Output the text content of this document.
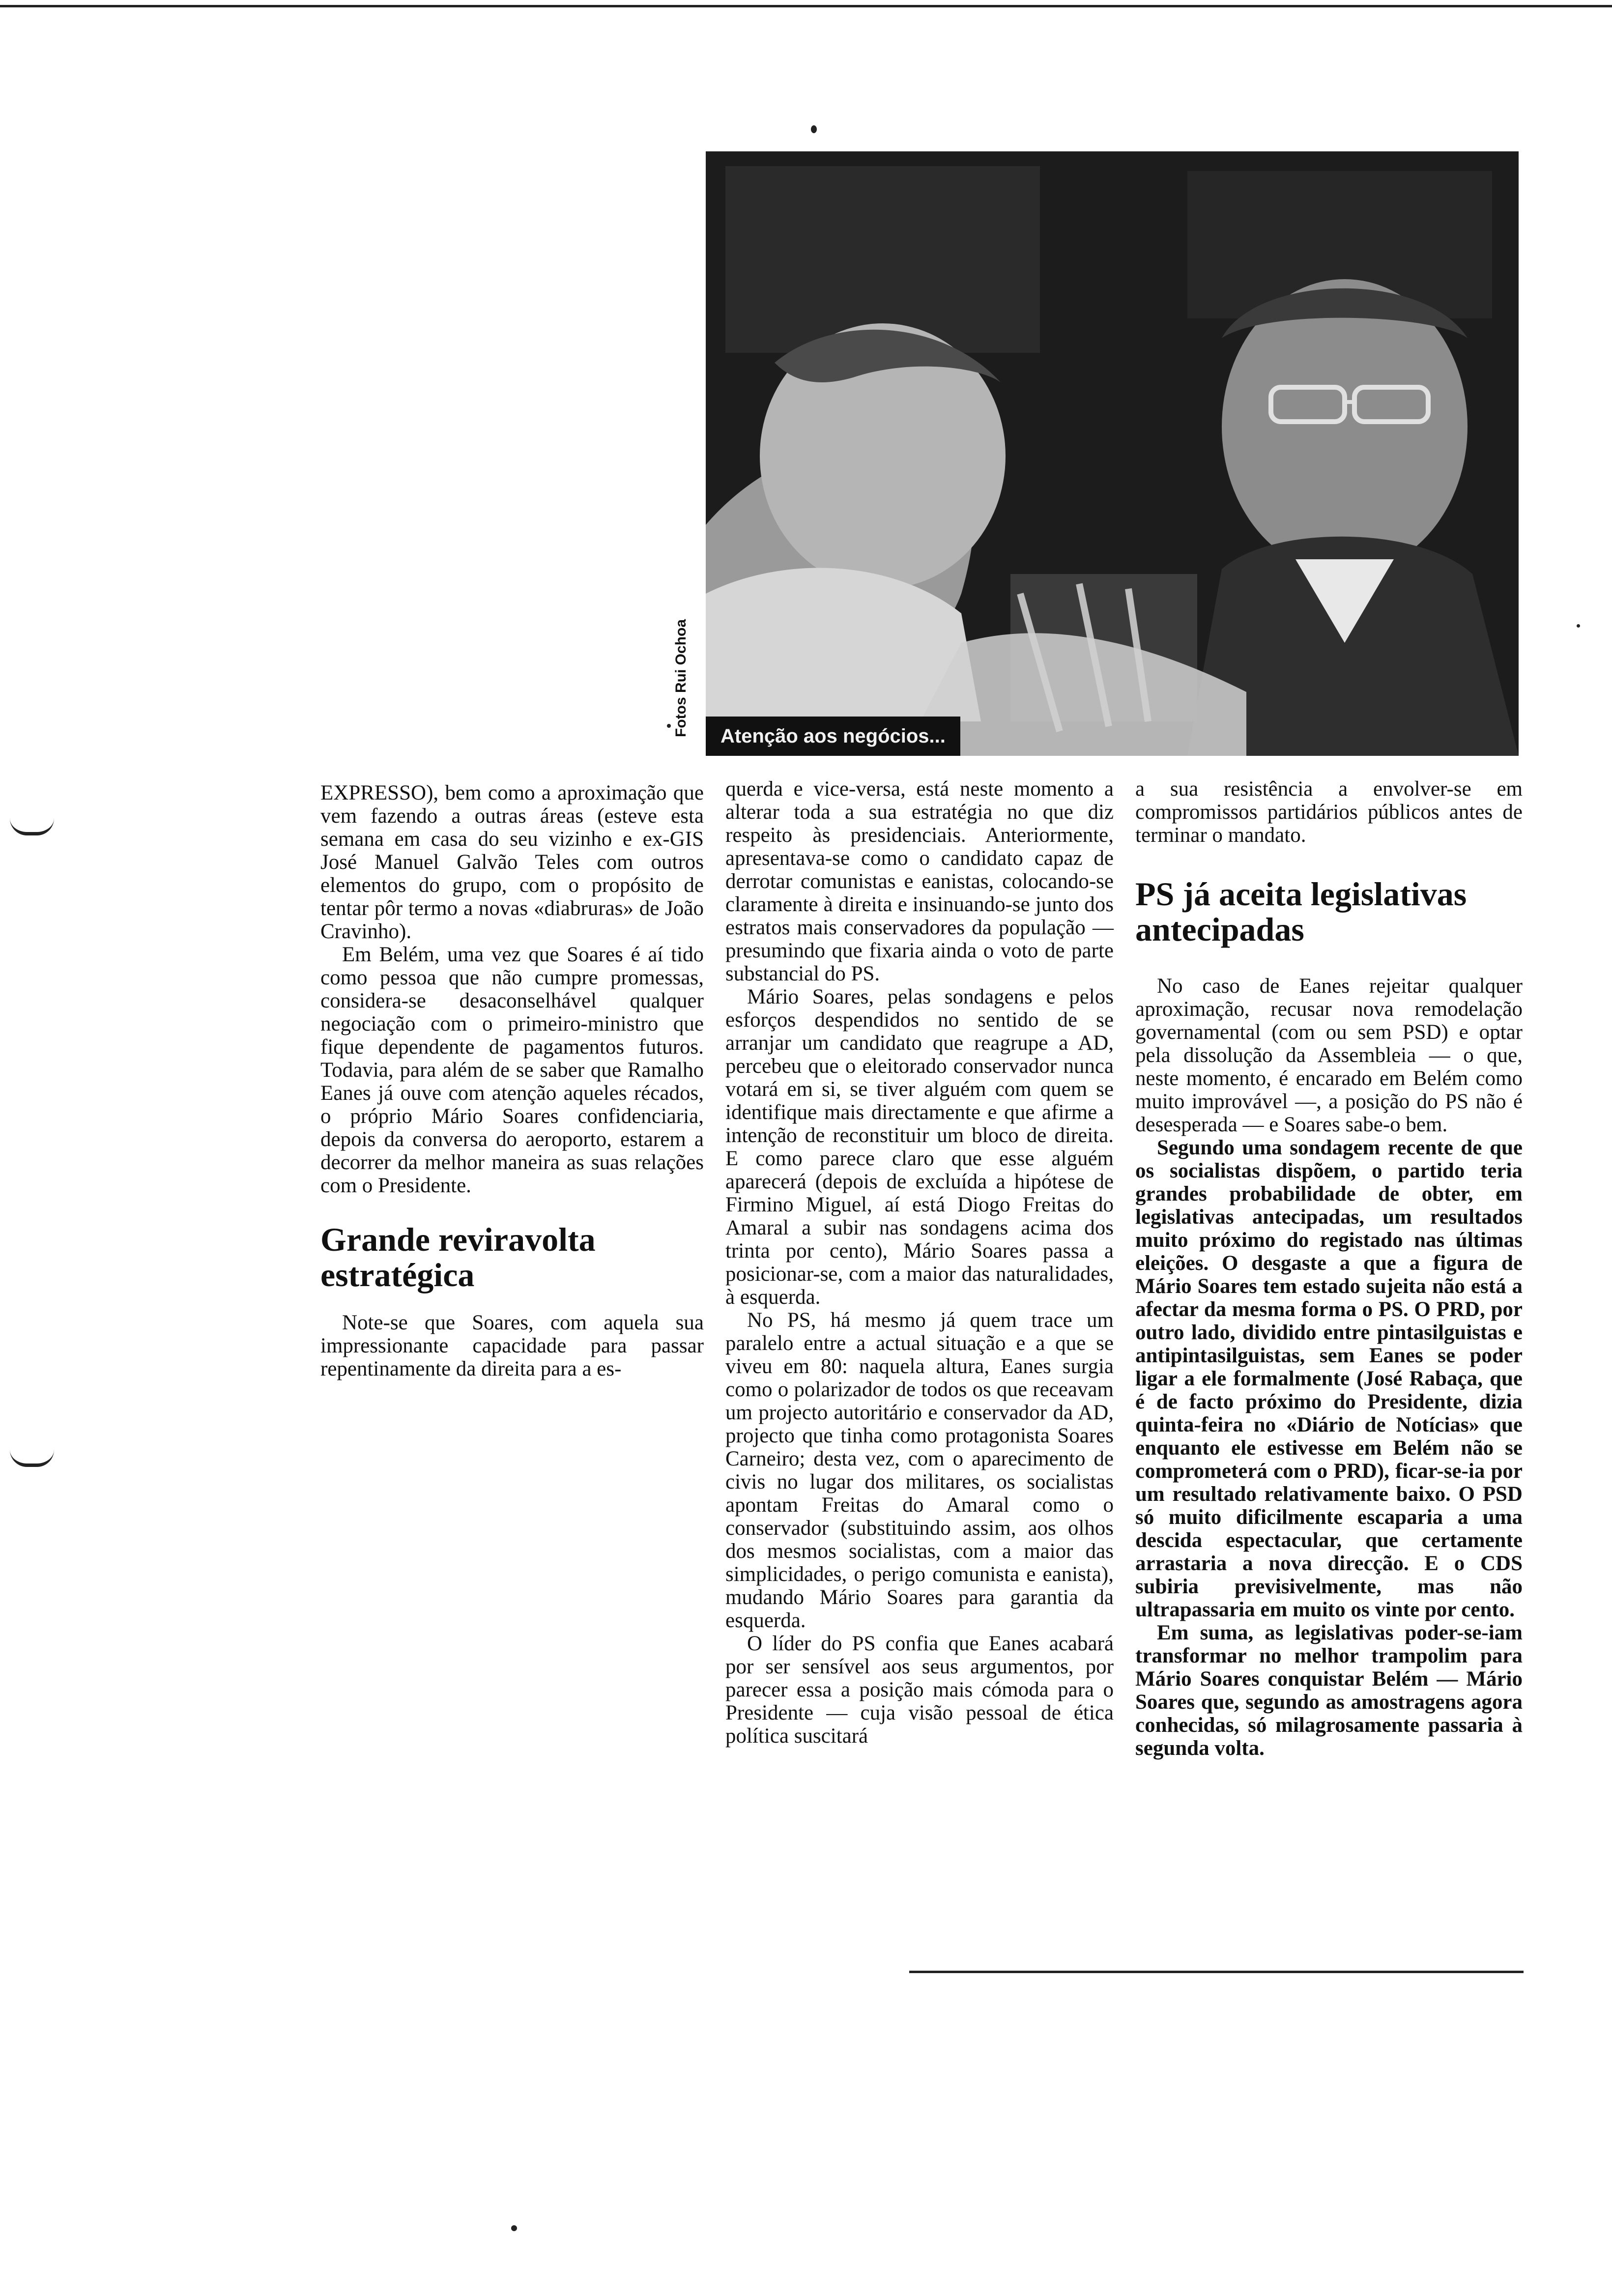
Atenção aos negócios...
Fotos Rui Ochoa

EXPRESSO), bem como a aproximação que vem fazendo a outras áreas (esteve esta semana em casa do seu vizinho e ex-GIS José Manuel Galvão Teles com outros elementos do grupo, com o propósito de tentar pôr termo a novas «diabruras» de João Cravinho).

Em Belém, uma vez que Soares é aí tido como pessoa que não cumpre promessas, considera-se desaconselhável qualquer negociação com o primeiro-ministro que fique dependente de pagamentos futuros. Todavia, para além de se saber que Ramalho Eanes já ouve com atenção aqueles récados, o próprio Mário Soares confidenciaria, depois da conversa do aeroporto, estarem a decorrer da melhor maneira as suas relações com o Presidente.

Grande reviravolta estratégica

Note-se que Soares, com aquela sua impressionante capacidade para passar repentinamente da direita para a es-

querda e vice-versa, está neste momento a alterar toda a sua estratégia no que diz respeito às presidenciais. Anteriormente, apresentava-se como o candidato capaz de derrotar comunistas e eanistas, colocando-se claramente à direita e insinuando-se junto dos estratos mais conservadores da população — presumindo que fixaria ainda o voto de parte substancial do PS.

Mário Soares, pelas sondagens e pelos esforços despendidos no sentido de se arranjar um candidato que reagrupe a AD, percebeu que o eleitorado conservador nunca votará em si, se tiver alguém com quem se identifique mais directamente e que afirme a intenção de reconstituir um bloco de direita. E como parece claro que esse alguém aparecerá (depois de excluída a hipótese de Firmino Miguel, aí está Diogo Freitas do Amaral a subir nas sondagens acima dos trinta por cento), Mário Soares passa a posicionar-se, com a maior das naturalidades, à esquerda.

No PS, há mesmo já quem trace um paralelo entre a actual situação e a que se viveu em 80: naquela altura, Eanes surgia como o polarizador de todos os que receavam um projecto autoritário e conservador da AD, projecto que tinha como protagonista Soares Carneiro; desta vez, com o aparecimento de civis no lugar dos militares, os socialistas apontam Freitas do Amaral como o conservador (substituindo assim, aos olhos dos mesmos socialistas, com a maior das simplicidades, o perigo comunista e eanista), mudando Mário Soares para garantia da esquerda.

O líder do PS confia que Eanes acabará por ser sensível aos seus argumentos, por parecer essa a posição mais cómoda para o Presidente — cuja visão pessoal de ética política suscitará

a sua resistência a envolver-se em compromissos partidários públicos antes de terminar o mandato.

PS já aceita legislativas antecipadas

No caso de Eanes rejeitar qualquer aproximação, recusar nova remodelação governamental (com ou sem PSD) e optar pela dissolução da Assembleia — o que, neste momento, é encarado em Belém como muito improvável —, a posição do PS não é desesperada — e Soares sabe-o bem.

Segundo uma sondagem recente de que os socialistas dispõem, o partido teria grandes probabilidade de obter, em legislativas antecipadas, um resultados muito próximo do registado nas últimas eleições. O desgaste a que a figura de Mário Soares tem estado sujeita não está a afectar da mesma forma o PS. O PRD, por outro lado, dividido entre pintasilguistas e antipintasilguistas, sem Eanes se poder ligar a ele formalmente (José Rabaça, que é de facto próximo do Presidente, dizia quinta-feira no «Diário de Notícias» que enquanto ele estivesse em Belém não se comprometerá com o PRD), ficar-se-ia por um resultado relativamente baixo. O PSD só muito dificilmente escaparia a uma descida espectacular, que certamente arrastaria a nova direcção. E o CDS subiria previsivelmente, mas não ultrapassaria em muito os vinte por cento.

Em suma, as legislativas poder-se-iam transformar no melhor trampolim para Mário Soares conquistar Belém — Mário Soares que, segundo as amostragens agora conhecidas, só milagrosamente passaria à segunda volta.
